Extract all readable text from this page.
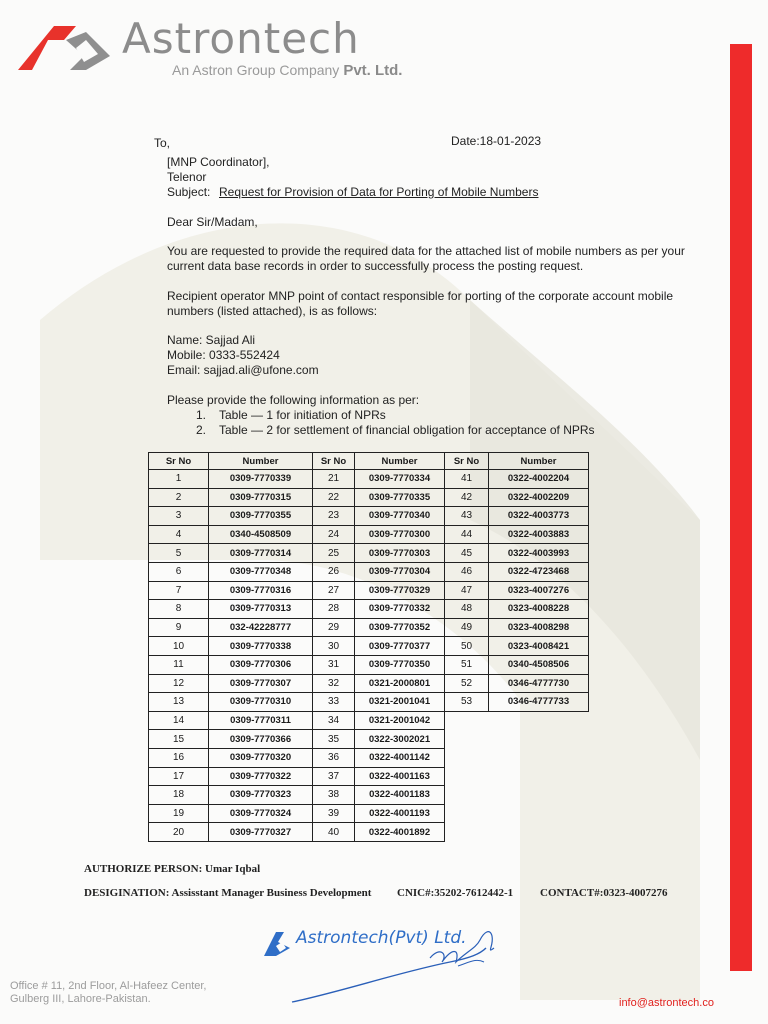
Astrontech
An Astron Group Company Pvt. Ltd.
To,	Date:18-01-2023
[MNP Coordinator],
Telenor
Subject: Request for Provision of Data for Porting of Mobile Numbers
Dear Sir/Madam,
You are requested to provide the required data for the attached list of mobile numbers as per your
current data base records in order to successfully process the posting request.
Recipient operator MNP point of contact responsible for porting of the corporate account mobile
numbers (listed attached), is as follows:
Name: Sajjad Ali
Mobile: 0333-552424
Email: sajjad.ali@ufone.com
Please provide the following information as per:
1. Table — 1 for initiation of NPRs
2. Table — 2 for settlement of financial obligation for acceptance of NPRs
Sr No	Number	Sr No	Number	Sr No	Number
1	0309-7770339	21	0309-7770334	41	0322-4002204
2	0309-7770315	22	0309-7770335	42	0322-4002209
3	0309-7770355	23	0309-7770340	43	0322-4003773
4	0340-4508509	24	0309-7770300	44	0322-4003883
5	0309-7770314	25	0309-7770303	45	0322-4003993
6	0309-7770348	26	0309-7770304	46	0322-4723468
7	0309-7770316	27	0309-7770329	47	0323-4007276
8	0309-7770313	28	0309-7770332	48	0323-4008228
9	032-42228777	29	0309-7770352	49	0323-4008298
10	0309-7770338	30	0309-7770377	50	0323-4008421
11	0309-7770306	31	0309-7770350	51	0340-4508506
12	0309-7770307	32	0321-2000801	52	0346-4777730
13	0309-7770310	33	0321-2001041	53	0346-4777733
14	0309-7770311	34	0321-2001042		
15	0309-7770366	35	0322-3002021		
16	0309-7770320	36	0322-4001142		
17	0309-7770322	37	0322-4001163		
18	0309-7770323	38	0322-4001183		
19	0309-7770324	39	0322-4001193		
20	0309-7770327	40	0322-4001892		
AUTHORIZE PERSON: Umar Iqbal
DESIGINATION: Assisstant Manager Business Development CNIC#:35202-7612442-1 CONTACT#:0323-4007276
Astrontech(Pvt) Ltd.
Office # 11, 2nd Floor, Al-Hafeez Center,
Gulberg III, Lahore-Pakistan.	info@astrontech.co
